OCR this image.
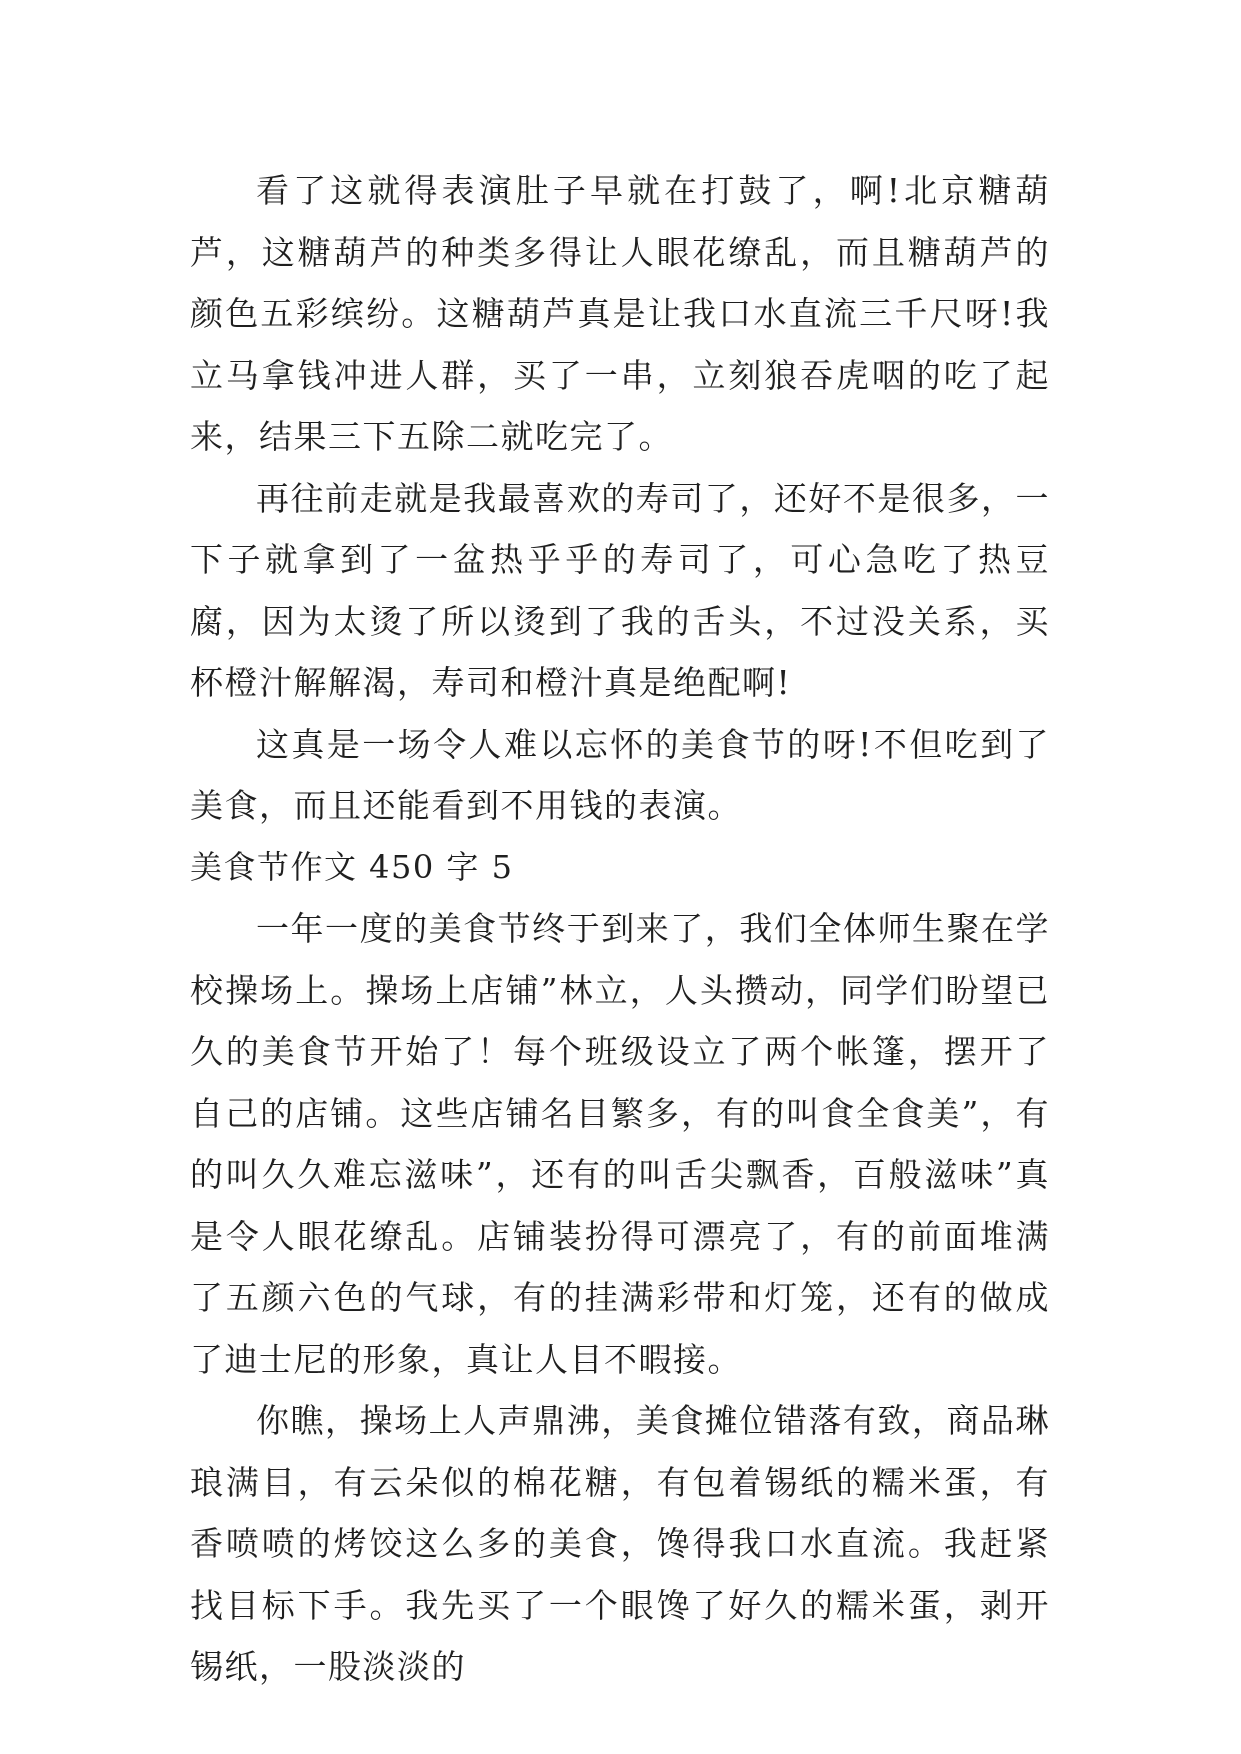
看了这就得表演肚子早就在打鼓了，啊!北京糖葫芦，这糖葫芦的种类多得让人眼花缭乱，而且糖葫芦的颜色五彩缤纷。这糖葫芦真是让我口水直流三千尺呀!我立马拿钱冲进人群，买了一串，立刻狼吞虎咽的吃了起来，结果三下五除二就吃完了。

再往前走就是我最喜欢的寿司了，还好不是很多，一下子就拿到了一盆热乎乎的寿司了，可心急吃了热豆腐，因为太烫了所以烫到了我的舌头，不过没关系，买杯橙汁解解渴，寿司和橙汁真是绝配啊!

这真是一场令人难以忘怀的美食节的呀!不但吃到了美食，而且还能看到不用钱的表演。

美食节作文 450 字 5

一年一度的美食节终于到来了，我们全体师生聚在学校操场上。操场上店铺”林立，人头攒动，同学们盼望已久的美食节开始了！每个班级设立了两个帐篷，摆开了自己的店铺。这些店铺名目繁多，有的叫食全食美”，有的叫久久难忘滋味”，还有的叫舌尖飘香，百般滋味”真是令人眼花缭乱。店铺装扮得可漂亮了，有的前面堆满了五颜六色的气球，有的挂满彩带和灯笼，还有的做成了迪士尼的形象，真让人目不暇接。

你瞧，操场上人声鼎沸，美食摊位错落有致，商品琳琅满目，有云朵似的棉花糖，有包着锡纸的糯米蛋，有香喷喷的烤饺这么多的美食，馋得我口水直流。我赶紧找目标下手。我先买了一个眼馋了好久的糯米蛋，剥开锡纸，一股淡淡的
